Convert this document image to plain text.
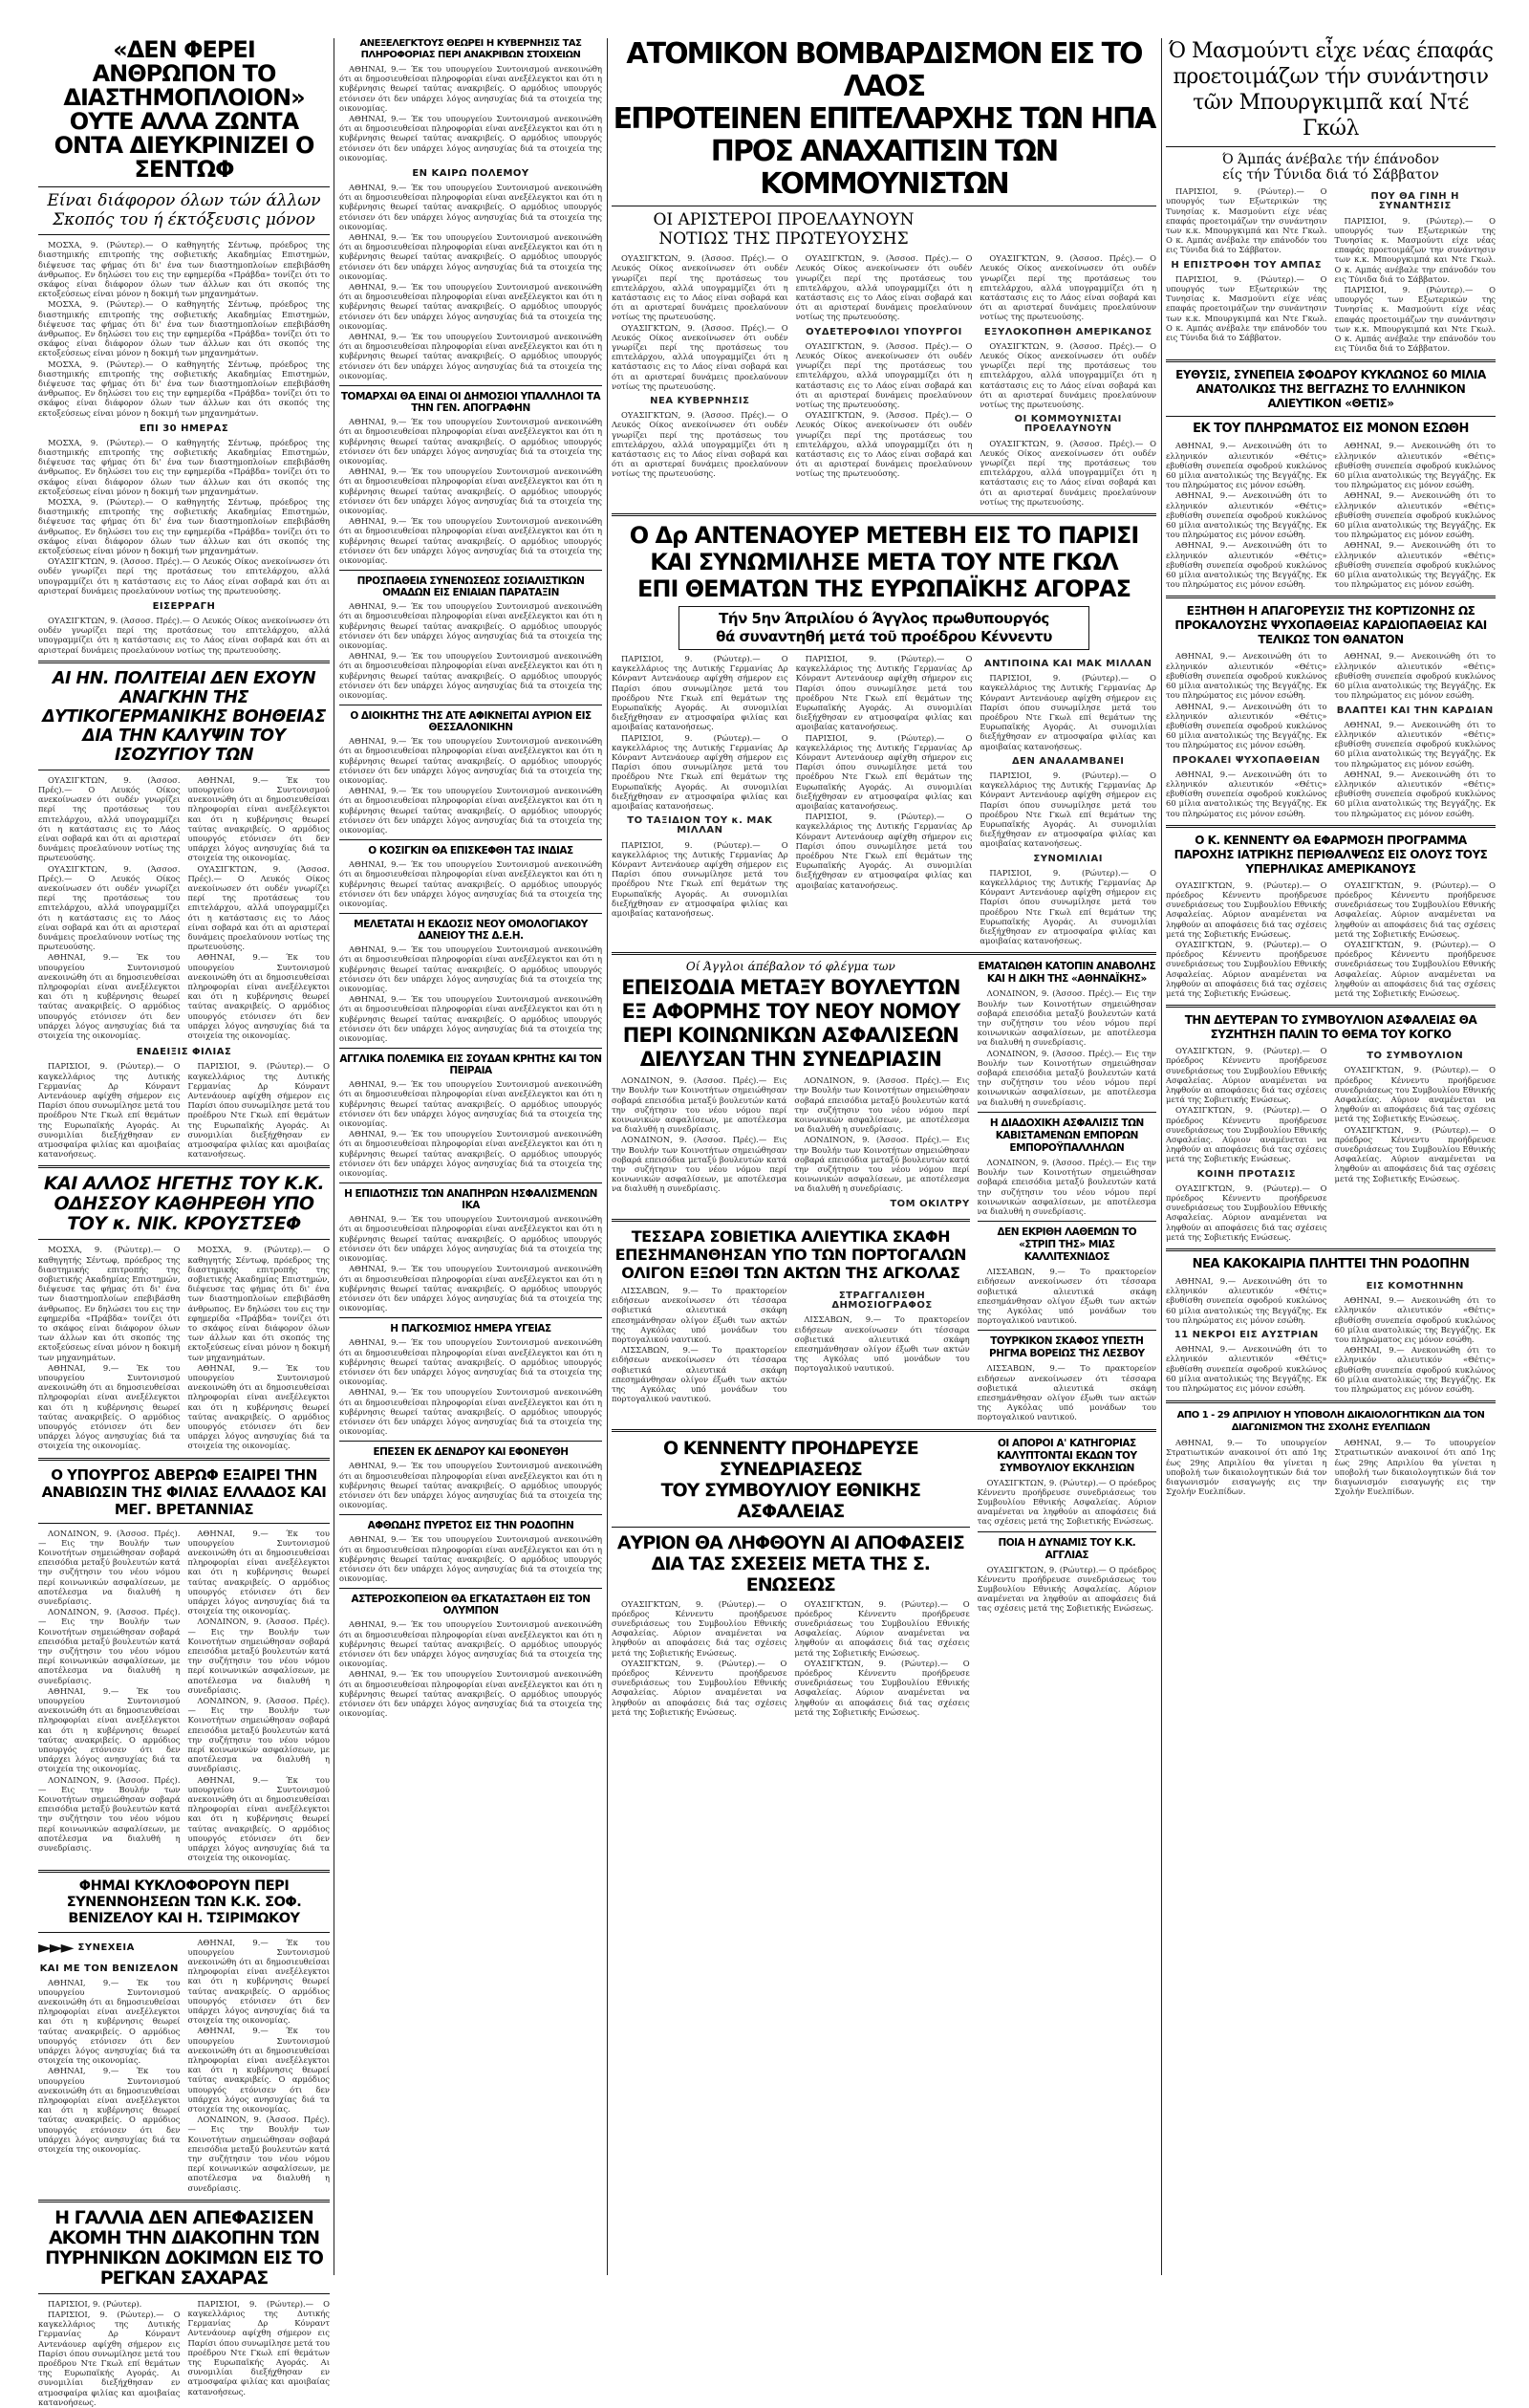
«ΔΕΝ ΦΕΡΕΙ ΑΝΘΡΩΠΟΝ ΤΟ ΔΙΑΣΤΗΜΟΠΛΟΙΟΝ» ΟΥΤΕ ΑΛΛΑ ΖΩΝΤΑ ΟΝΤΑ ΔΙΕΥΚΡΙΝΙΖΕΙ Ο ΣΕΝΤΩΦ
Είναι διάφορον όλων τών άλλων
Σκοπός του ή έκτόξευσις μόνον

ΜΟΣΧΑ, 9. (Ρώυτερ).— Ο καθηγητής Σέντωφ, πρόεδρος της διαστημικής επιτροπής της σοβιετικής Ακαδημίας Επιστημών, διέψευσε τας φήμας ότι δι' ένα των διαστημοπλοίων επεβιβάσθη άνθρωπος. Εν δηλώσει του εις την εφημερίδα «Πράβδα» τονίζει ότι το σκάφος είναι διάφορον όλων των άλλων και ότι σκοπός της εκτοξεύσεως είναι μόνον η δοκιμή των μηχανημάτων.

ΜΟΣΧΑ, 9. (Ρώυτερ).— Ο καθηγητής Σέντωφ, πρόεδρος της διαστημικής επιτροπής της σοβιετικής Ακαδημίας Επιστημών, διέψευσε τας φήμας ότι δι' ένα των διαστημοπλοίων επεβιβάσθη άνθρωπος. Εν δηλώσει του εις την εφημερίδα «Πράβδα» τονίζει ότι το σκάφος είναι διάφορον όλων των άλλων και ότι σκοπός της εκτοξεύσεως είναι μόνον η δοκιμή των μηχανημάτων.

ΜΟΣΧΑ, 9. (Ρώυτερ).— Ο καθηγητής Σέντωφ, πρόεδρος της διαστημικής επιτροπής της σοβιετικής Ακαδημίας Επιστημών, διέψευσε τας φήμας ότι δι' ένα των διαστημοπλοίων επεβιβάσθη άνθρωπος. Εν δηλώσει του εις την εφημερίδα «Πράβδα» τονίζει ότι το σκάφος είναι διάφορον όλων των άλλων και ότι σκοπός της εκτοξεύσεως είναι μόνον η δοκιμή των μηχανημάτων.

ΕΠΙ 30 ΗΜΕΡΑΣ

ΜΟΣΧΑ, 9. (Ρώυτερ).— Ο καθηγητής Σέντωφ, πρόεδρος της διαστημικής επιτροπής της σοβιετικής Ακαδημίας Επιστημών, διέψευσε τας φήμας ότι δι' ένα των διαστημοπλοίων επεβιβάσθη άνθρωπος. Εν δηλώσει του εις την εφημερίδα «Πράβδα» τονίζει ότι το σκάφος είναι διάφορον όλων των άλλων και ότι σκοπός της εκτοξεύσεως είναι μόνον η δοκιμή των μηχανημάτων.

ΜΟΣΧΑ, 9. (Ρώυτερ).— Ο καθηγητής Σέντωφ, πρόεδρος της διαστημικής επιτροπής της σοβιετικής Ακαδημίας Επιστημών, διέψευσε τας φήμας ότι δι' ένα των διαστημοπλοίων επεβιβάσθη άνθρωπος. Εν δηλώσει του εις την εφημερίδα «Πράβδα» τονίζει ότι το σκάφος είναι διάφορον όλων των άλλων και ότι σκοπός της εκτοξεύσεως είναι μόνον η δοκιμή των μηχανημάτων.

ΟΥΑΣΙΓΚΤΩΝ, 9. (Άσσοσ. Πρές).— Ο Λευκός Οίκος ανεκοίνωσεν ότι ουδέν γνωρίζει περί της προτάσεως του επιτελάρχου, αλλά υπογραμμίζει ότι η κατάστασις εις το Λάος είναι σοβαρά και ότι αι αριστεραί δυνάμεις προελαύνουν νοτίως της πρωτευούσης.

ΕΙΣΕΡΡΑΓΗ

ΟΥΑΣΙΓΚΤΩΝ, 9. (Άσσοσ. Πρές).— Ο Λευκός Οίκος ανεκοίνωσεν ότι ουδέν γνωρίζει περί της προτάσεως του επιτελάρχου, αλλά υπογραμμίζει ότι η κατάστασις εις το Λάος είναι σοβαρά και ότι αι αριστεραί δυνάμεις προελαύνουν νοτίως της πρωτευούσης.

ΑΙ ΗΝ. ΠΟΛΙΤΕΙΑΙ ΔΕΝ ΕΧΟΥΝ ΑΝΑΓΚΗΝ ΤΗΣ ΔΥΤΙΚΟΓΕΡΜΑΝΙΚΗΣ ΒΟΗΘΕΙΑΣ ΔΙΑ ΤΗΝ ΚΑΛΥΨΙΝ ΤΟΥ ΙΣΟΖΥΓΙΟΥ ΤΩΝ

ΟΥΑΣΙΓΚΤΩΝ, 9. (Άσσοσ. Πρές).— Ο Λευκός Οίκος ανεκοίνωσεν ότι ουδέν γνωρίζει περί της προτάσεως του επιτελάρχου, αλλά υπογραμμίζει ότι η κατάστασις εις το Λάος είναι σοβαρά και ότι αι αριστεραί δυνάμεις προελαύνουν νοτίως της πρωτευούσης.

ΟΥΑΣΙΓΚΤΩΝ, 9. (Άσσοσ. Πρές).— Ο Λευκός Οίκος ανεκοίνωσεν ότι ουδέν γνωρίζει περί της προτάσεως του επιτελάρχου, αλλά υπογραμμίζει ότι η κατάστασις εις το Λάος είναι σοβαρά και ότι αι αριστεραί δυνάμεις προελαύνουν νοτίως της πρωτευούσης.

ΑΘΗΝΑΙ, 9.— Έκ του υπουργείου Συντονισμού ανεκοινώθη ότι αι δημοσιευθείσαι πληροφορίαι είναι ανεξέλεγκτοι και ότι η κυβέρνησις θεωρεί ταύτας ανακριβείς. Ο αρμόδιος υπουργός ετόνισεν ότι δεν υπάρχει λόγος ανησυχίας διά τα στοιχεία της οικονομίας.

ΑΘΗΝΑΙ, 9.— Έκ του υπουργείου Συντονισμού ανεκοινώθη ότι αι δημοσιευθείσαι πληροφορίαι είναι ανεξέλεγκτοι και ότι η κυβέρνησις θεωρεί ταύτας ανακριβείς. Ο αρμόδιος υπουργός ετόνισεν ότι δεν υπάρχει λόγος ανησυχίας διά τα στοιχεία της οικονομίας.

ΟΥΑΣΙΓΚΤΩΝ, 9. (Άσσοσ. Πρές).— Ο Λευκός Οίκος ανεκοίνωσεν ότι ουδέν γνωρίζει περί της προτάσεως του επιτελάρχου, αλλά υπογραμμίζει ότι η κατάστασις εις το Λάος είναι σοβαρά και ότι αι αριστεραί δυνάμεις προελαύνουν νοτίως της πρωτευούσης.

ΑΘΗΝΑΙ, 9.— Έκ του υπουργείου Συντονισμού ανεκοινώθη ότι αι δημοσιευθείσαι πληροφορίαι είναι ανεξέλεγκτοι και ότι η κυβέρνησις θεωρεί ταύτας ανακριβείς. Ο αρμόδιος υπουργός ετόνισεν ότι δεν υπάρχει λόγος ανησυχίας διά τα στοιχεία της οικονομίας.

ΕΝΔΕΙΞΙΣ ΦΙΛΙΑΣ

ΠΑΡΙΣΙΟΙ, 9. (Ρώυτερ).— Ο καγκελλάριος της Δυτικής Γερμανίας Δρ Κόνραντ Αντενάουερ αφίχθη σήμερον εις Παρίσι όπου συνωμίλησε μετά του προέδρου Ντε Γκωλ επί θεμάτων της Ευρωπαϊκής Αγοράς. Αι συνομιλίαι διεξήχθησαν εν ατμοσφαίρα φιλίας και αμοιβαίας κατανοήσεως.

ΠΑΡΙΣΙΟΙ, 9. (Ρώυτερ).— Ο καγκελλάριος της Δυτικής Γερμανίας Δρ Κόνραντ Αντενάουερ αφίχθη σήμερον εις Παρίσι όπου συνωμίλησε μετά του προέδρου Ντε Γκωλ επί θεμάτων της Ευρωπαϊκής Αγοράς. Αι συνομιλίαι διεξήχθησαν εν ατμοσφαίρα φιλίας και αμοιβαίας κατανοήσεως.

ΚΑΙ ΑΛΛΟΣ ΗΓΕΤΗΣ ΤΟΥ Κ.Κ. ΟΔΗΣΣΟΥ ΚΑΘΗΡΕΘΗ ΥΠΟ ΤΟΥ κ. ΝΙΚ. ΚΡΟΥΣΤΣΕΦ

ΜΟΣΧΑ, 9. (Ρώυτερ).— Ο καθηγητής Σέντωφ, πρόεδρος της διαστημικής επιτροπής της σοβιετικής Ακαδημίας Επιστημών, διέψευσε τας φήμας ότι δι' ένα των διαστημοπλοίων επεβιβάσθη άνθρωπος. Εν δηλώσει του εις την εφημερίδα «Πράβδα» τονίζει ότι το σκάφος είναι διάφορον όλων των άλλων και ότι σκοπός της εκτοξεύσεως είναι μόνον η δοκιμή των μηχανημάτων.

ΑΘΗΝΑΙ, 9.— Έκ του υπουργείου Συντονισμού ανεκοινώθη ότι αι δημοσιευθείσαι πληροφορίαι είναι ανεξέλεγκτοι και ότι η κυβέρνησις θεωρεί ταύτας ανακριβείς. Ο αρμόδιος υπουργός ετόνισεν ότι δεν υπάρχει λόγος ανησυχίας διά τα στοιχεία της οικονομίας.

ΜΟΣΧΑ, 9. (Ρώυτερ).— Ο καθηγητής Σέντωφ, πρόεδρος της διαστημικής επιτροπής της σοβιετικής Ακαδημίας Επιστημών, διέψευσε τας φήμας ότι δι' ένα των διαστημοπλοίων επεβιβάσθη άνθρωπος. Εν δηλώσει του εις την εφημερίδα «Πράβδα» τονίζει ότι το σκάφος είναι διάφορον όλων των άλλων και ότι σκοπός της εκτοξεύσεως είναι μόνον η δοκιμή των μηχανημάτων.

ΑΘΗΝΑΙ, 9.— Έκ του υπουργείου Συντονισμού ανεκοινώθη ότι αι δημοσιευθείσαι πληροφορίαι είναι ανεξέλεγκτοι και ότι η κυβέρνησις θεωρεί ταύτας ανακριβείς. Ο αρμόδιος υπουργός ετόνισεν ότι δεν υπάρχει λόγος ανησυχίας διά τα στοιχεία της οικονομίας.

Ο ΥΠΟΥΡΓΟΣ ΑΒΕΡΩΦ ΕΞΑΙΡΕΙ ΤΗΝ ΑΝΑΒΙΩΣΙΝ ΤΗΣ ΦΙΛΙΑΣ ΕΛΛΑΔΟΣ ΚΑΙ ΜΕΓ. ΒΡΕΤΑΝΝΙΑΣ

ΛΟΝΔΙΝΟΝ, 9. (Άσσοσ. Πρές).— Εις την Βουλήν των Κοινοτήτων σημειώθησαν σοβαρά επεισόδια μεταξύ βουλευτών κατά την συζήτησιν του νέου νόμου περί κοινωνικών ασφαλίσεων, με αποτέλεσμα να διαλυθή η συνεδρίασις.

ΛΟΝΔΙΝΟΝ, 9. (Άσσοσ. Πρές).— Εις την Βουλήν των Κοινοτήτων σημειώθησαν σοβαρά επεισόδια μεταξύ βουλευτών κατά την συζήτησιν του νέου νόμου περί κοινωνικών ασφαλίσεων, με αποτέλεσμα να διαλυθή η συνεδρίασις.

ΑΘΗΝΑΙ, 9.— Έκ του υπουργείου Συντονισμού ανεκοινώθη ότι αι δημοσιευθείσαι πληροφορίαι είναι ανεξέλεγκτοι και ότι η κυβέρνησις θεωρεί ταύτας ανακριβείς. Ο αρμόδιος υπουργός ετόνισεν ότι δεν υπάρχει λόγος ανησυχίας διά τα στοιχεία της οικονομίας.

ΛΟΝΔΙΝΟΝ, 9. (Άσσοσ. Πρές).— Εις την Βουλήν των Κοινοτήτων σημειώθησαν σοβαρά επεισόδια μεταξύ βουλευτών κατά την συζήτησιν του νέου νόμου περί κοινωνικών ασφαλίσεων, με αποτέλεσμα να διαλυθή η συνεδρίασις.

ΑΘΗΝΑΙ, 9.— Έκ του υπουργείου Συντονισμού ανεκοινώθη ότι αι δημοσιευθείσαι πληροφορίαι είναι ανεξέλεγκτοι και ότι η κυβέρνησις θεωρεί ταύτας ανακριβείς. Ο αρμόδιος υπουργός ετόνισεν ότι δεν υπάρχει λόγος ανησυχίας διά τα στοιχεία της οικονομίας.

ΛΟΝΔΙΝΟΝ, 9. (Άσσοσ. Πρές).— Εις την Βουλήν των Κοινοτήτων σημειώθησαν σοβαρά επεισόδια μεταξύ βουλευτών κατά την συζήτησιν του νέου νόμου περί κοινωνικών ασφαλίσεων, με αποτέλεσμα να διαλυθή η συνεδρίασις.

ΛΟΝΔΙΝΟΝ, 9. (Άσσοσ. Πρές).— Εις την Βουλήν των Κοινοτήτων σημειώθησαν σοβαρά επεισόδια μεταξύ βουλευτών κατά την συζήτησιν του νέου νόμου περί κοινωνικών ασφαλίσεων, με αποτέλεσμα να διαλυθή η συνεδρίασις.

ΑΘΗΝΑΙ, 9.— Έκ του υπουργείου Συντονισμού ανεκοινώθη ότι αι δημοσιευθείσαι πληροφορίαι είναι ανεξέλεγκτοι και ότι η κυβέρνησις θεωρεί ταύτας ανακριβείς. Ο αρμόδιος υπουργός ετόνισεν ότι δεν υπάρχει λόγος ανησυχίας διά τα στοιχεία της οικονομίας.

ΦΗΜΑΙ ΚΥΚΛΟΦΟΡΟΥΝ ΠΕΡΙ ΣΥΝΕΝΝΟΗΣΕΩΝ ΤΩΝ Κ.Κ. ΣΟΦ. ΒΕΝΙΖΕΛΟΥ ΚΑΙ Η. ΤΣΙΡΙΜΩΚΟΥ
►►► ΣΥΝΕΧΕΙΑ
ΚΑΙ ΜΕ ΤΟΝ ΒΕΝΙΖΕΛΟΝ

ΑΘΗΝΑΙ, 9.— Έκ του υπουργείου Συντονισμού ανεκοινώθη ότι αι δημοσιευθείσαι πληροφορίαι είναι ανεξέλεγκτοι και ότι η κυβέρνησις θεωρεί ταύτας ανακριβείς. Ο αρμόδιος υπουργός ετόνισεν ότι δεν υπάρχει λόγος ανησυχίας διά τα στοιχεία της οικονομίας.

ΑΘΗΝΑΙ, 9.— Έκ του υπουργείου Συντονισμού ανεκοινώθη ότι αι δημοσιευθείσαι πληροφορίαι είναι ανεξέλεγκτοι και ότι η κυβέρνησις θεωρεί ταύτας ανακριβείς. Ο αρμόδιος υπουργός ετόνισεν ότι δεν υπάρχει λόγος ανησυχίας διά τα στοιχεία της οικονομίας.

ΑΘΗΝΑΙ, 9.— Έκ του υπουργείου Συντονισμού ανεκοινώθη ότι αι δημοσιευθείσαι πληροφορίαι είναι ανεξέλεγκτοι και ότι η κυβέρνησις θεωρεί ταύτας ανακριβείς. Ο αρμόδιος υπουργός ετόνισεν ότι δεν υπάρχει λόγος ανησυχίας διά τα στοιχεία της οικονομίας.

ΑΘΗΝΑΙ, 9.— Έκ του υπουργείου Συντονισμού ανεκοινώθη ότι αι δημοσιευθείσαι πληροφορίαι είναι ανεξέλεγκτοι και ότι η κυβέρνησις θεωρεί ταύτας ανακριβείς. Ο αρμόδιος υπουργός ετόνισεν ότι δεν υπάρχει λόγος ανησυχίας διά τα στοιχεία της οικονομίας.

ΛΟΝΔΙΝΟΝ, 9. (Άσσοσ. Πρές).— Εις την Βουλήν των Κοινοτήτων σημειώθησαν σοβαρά επεισόδια μεταξύ βουλευτών κατά την συζήτησιν του νέου νόμου περί κοινωνικών ασφαλίσεων, με αποτέλεσμα να διαλυθή η συνεδρίασις.

Η ΓΑΛΛΙΑ ΔΕΝ ΑΠΕΦΑΣΙΣΕΝ ΑΚΟΜΗ ΤΗΝ ΔΙΑΚΟΠΗΝ ΤΩΝ ΠΥΡΗΝΙΚΩΝ ΔΟΚΙΜΩΝ ΕΙΣ ΤΟ ΡΕΓΚΑΝ ΣΑΧΑΡΑΣ

ΠΑΡΙΣΙΟΙ, 9. (Ρώυτερ).

ΠΑΡΙΣΙΟΙ, 9. (Ρώυτερ).— Ο καγκελλάριος της Δυτικής Γερμανίας Δρ Κόνραντ Αντενάουερ αφίχθη σήμερον εις Παρίσι όπου συνωμίλησε μετά του προέδρου Ντε Γκωλ επί θεμάτων της Ευρωπαϊκής Αγοράς. Αι συνομιλίαι διεξήχθησαν εν ατμοσφαίρα φιλίας και αμοιβαίας κατανοήσεως.

ΠΑΡΙΣΙΟΙ, 9. (Ρώυτερ).— Ο καγκελλάριος της Δυτικής Γερμανίας Δρ Κόνραντ Αντενάουερ αφίχθη σήμερον εις Παρίσι όπου συνωμίλησε μετά του προέδρου Ντε Γκωλ επί θεμάτων της Ευρωπαϊκής Αγοράς. Αι συνομιλίαι διεξήχθησαν εν ατμοσφαίρα φιλίας και αμοιβαίας κατανοήσεως.

ΑΝΕΞΕΛΕΓΚΤΟΥΣ ΘΕΩΡΕΙ Η ΚΥΒΕΡΝΗΣΙΣ ΤΑΣ ΠΛΗΡΟΦΟΡΙΑΣ ΠΕΡΙ ΑΝΑΚΡΙΒΩΝ ΣΤΟΙΧΕΙΩΝ

ΑΘΗΝΑΙ, 9.— Έκ του υπουργείου Συντονισμού ανεκοινώθη ότι αι δημοσιευθείσαι πληροφορίαι είναι ανεξέλεγκτοι και ότι η κυβέρνησις θεωρεί ταύτας ανακριβείς. Ο αρμόδιος υπουργός ετόνισεν ότι δεν υπάρχει λόγος ανησυχίας διά τα στοιχεία της οικονομίας.

ΑΘΗΝΑΙ, 9.— Έκ του υπουργείου Συντονισμού ανεκοινώθη ότι αι δημοσιευθείσαι πληροφορίαι είναι ανεξέλεγκτοι και ότι η κυβέρνησις θεωρεί ταύτας ανακριβείς. Ο αρμόδιος υπουργός ετόνισεν ότι δεν υπάρχει λόγος ανησυχίας διά τα στοιχεία της οικονομίας.

ΕΝ ΚΑΙΡΩ ΠΟΛΕΜΟΥ

ΑΘΗΝΑΙ, 9.— Έκ του υπουργείου Συντονισμού ανεκοινώθη ότι αι δημοσιευθείσαι πληροφορίαι είναι ανεξέλεγκτοι και ότι η κυβέρνησις θεωρεί ταύτας ανακριβείς. Ο αρμόδιος υπουργός ετόνισεν ότι δεν υπάρχει λόγος ανησυχίας διά τα στοιχεία της οικονομίας.

ΑΘΗΝΑΙ, 9.— Έκ του υπουργείου Συντονισμού ανεκοινώθη ότι αι δημοσιευθείσαι πληροφορίαι είναι ανεξέλεγκτοι και ότι η κυβέρνησις θεωρεί ταύτας ανακριβείς. Ο αρμόδιος υπουργός ετόνισεν ότι δεν υπάρχει λόγος ανησυχίας διά τα στοιχεία της οικονομίας.

ΑΘΗΝΑΙ, 9.— Έκ του υπουργείου Συντονισμού ανεκοινώθη ότι αι δημοσιευθείσαι πληροφορίαι είναι ανεξέλεγκτοι και ότι η κυβέρνησις θεωρεί ταύτας ανακριβείς. Ο αρμόδιος υπουργός ετόνισεν ότι δεν υπάρχει λόγος ανησυχίας διά τα στοιχεία της οικονομίας.

ΑΘΗΝΑΙ, 9.— Έκ του υπουργείου Συντονισμού ανεκοινώθη ότι αι δημοσιευθείσαι πληροφορίαι είναι ανεξέλεγκτοι και ότι η κυβέρνησις θεωρεί ταύτας ανακριβείς. Ο αρμόδιος υπουργός ετόνισεν ότι δεν υπάρχει λόγος ανησυχίας διά τα στοιχεία της οικονομίας.

ΤΟΜΑΡΧΑΙ ΘΑ ΕΙΝΑΙ ΟΙ ΔΗΜΟΣΙΟΙ ΥΠΑΛΛΗΛΟΙ ΤΑ ΤΗΝ ΓΕΝ. ΑΠΟΓΡΑΦΗΝ

ΑΘΗΝΑΙ, 9.— Έκ του υπουργείου Συντονισμού ανεκοινώθη ότι αι δημοσιευθείσαι πληροφορίαι είναι ανεξέλεγκτοι και ότι η κυβέρνησις θεωρεί ταύτας ανακριβείς. Ο αρμόδιος υπουργός ετόνισεν ότι δεν υπάρχει λόγος ανησυχίας διά τα στοιχεία της οικονομίας.

ΑΘΗΝΑΙ, 9.— Έκ του υπουργείου Συντονισμού ανεκοινώθη ότι αι δημοσιευθείσαι πληροφορίαι είναι ανεξέλεγκτοι και ότι η κυβέρνησις θεωρεί ταύτας ανακριβείς. Ο αρμόδιος υπουργός ετόνισεν ότι δεν υπάρχει λόγος ανησυχίας διά τα στοιχεία της οικονομίας.

ΑΘΗΝΑΙ, 9.— Έκ του υπουργείου Συντονισμού ανεκοινώθη ότι αι δημοσιευθείσαι πληροφορίαι είναι ανεξέλεγκτοι και ότι η κυβέρνησις θεωρεί ταύτας ανακριβείς. Ο αρμόδιος υπουργός ετόνισεν ότι δεν υπάρχει λόγος ανησυχίας διά τα στοιχεία της οικονομίας.

ΠΡΟΣΠΑΘΕΙΑ ΣΥΝΕΝΩΣΕΩΣ ΣΟΣΙΑΛΙΣΤΙΚΩΝ ΟΜΑΔΩΝ ΕΙΣ ΕΝΙΑΙΑΝ ΠΑΡΑΤΑΞΙΝ

ΑΘΗΝΑΙ, 9.— Έκ του υπουργείου Συντονισμού ανεκοινώθη ότι αι δημοσιευθείσαι πληροφορίαι είναι ανεξέλεγκτοι και ότι η κυβέρνησις θεωρεί ταύτας ανακριβείς. Ο αρμόδιος υπουργός ετόνισεν ότι δεν υπάρχει λόγος ανησυχίας διά τα στοιχεία της οικονομίας.

ΑΘΗΝΑΙ, 9.— Έκ του υπουργείου Συντονισμού ανεκοινώθη ότι αι δημοσιευθείσαι πληροφορίαι είναι ανεξέλεγκτοι και ότι η κυβέρνησις θεωρεί ταύτας ανακριβείς. Ο αρμόδιος υπουργός ετόνισεν ότι δεν υπάρχει λόγος ανησυχίας διά τα στοιχεία της οικονομίας.

Ο ΔΙΟΙΚΗΤΗΣ ΤΗΣ ΑΤΕ ΑΦΙΚΝΕΙΤΑΙ ΑΥΡΙΟΝ ΕΙΣ ΘΕΣΣΑΛΟΝΙΚΗΝ

ΑΘΗΝΑΙ, 9.— Έκ του υπουργείου Συντονισμού ανεκοινώθη ότι αι δημοσιευθείσαι πληροφορίαι είναι ανεξέλεγκτοι και ότι η κυβέρνησις θεωρεί ταύτας ανακριβείς. Ο αρμόδιος υπουργός ετόνισεν ότι δεν υπάρχει λόγος ανησυχίας διά τα στοιχεία της οικονομίας.

ΑΘΗΝΑΙ, 9.— Έκ του υπουργείου Συντονισμού ανεκοινώθη ότι αι δημοσιευθείσαι πληροφορίαι είναι ανεξέλεγκτοι και ότι η κυβέρνησις θεωρεί ταύτας ανακριβείς. Ο αρμόδιος υπουργός ετόνισεν ότι δεν υπάρχει λόγος ανησυχίας διά τα στοιχεία της οικονομίας.

Ο ΚΟΣΙΓΚΙΝ ΘΑ ΕΠΙΣΚΕΦΘΗ ΤΑΣ ΙΝΔΙΑΣ

ΑΘΗΝΑΙ, 9.— Έκ του υπουργείου Συντονισμού ανεκοινώθη ότι αι δημοσιευθείσαι πληροφορίαι είναι ανεξέλεγκτοι και ότι η κυβέρνησις θεωρεί ταύτας ανακριβείς. Ο αρμόδιος υπουργός ετόνισεν ότι δεν υπάρχει λόγος ανησυχίας διά τα στοιχεία της οικονομίας.

ΜΕΛΕΤΑΤΑΙ Η ΕΚΔΟΣΙΣ ΝΕΟΥ ΟΜΟΛΟΓΙΑΚΟΥ ΔΑΝΕΙΟΥ ΤΗΣ Δ.Ε.Η.

ΑΘΗΝΑΙ, 9.— Έκ του υπουργείου Συντονισμού ανεκοινώθη ότι αι δημοσιευθείσαι πληροφορίαι είναι ανεξέλεγκτοι και ότι η κυβέρνησις θεωρεί ταύτας ανακριβείς. Ο αρμόδιος υπουργός ετόνισεν ότι δεν υπάρχει λόγος ανησυχίας διά τα στοιχεία της οικονομίας.

ΑΘΗΝΑΙ, 9.— Έκ του υπουργείου Συντονισμού ανεκοινώθη ότι αι δημοσιευθείσαι πληροφορίαι είναι ανεξέλεγκτοι και ότι η κυβέρνησις θεωρεί ταύτας ανακριβείς. Ο αρμόδιος υπουργός ετόνισεν ότι δεν υπάρχει λόγος ανησυχίας διά τα στοιχεία της οικονομίας.

ΑΓΓΛΙΚΑ ΠΟΛΕΜΙΚΑ ΕΙΣ ΣΟΥΔΑΝ ΚΡΗΤΗΣ ΚΑΙ ΤΟΝ ΠΕΙΡΑΙΑ

ΑΘΗΝΑΙ, 9.— Έκ του υπουργείου Συντονισμού ανεκοινώθη ότι αι δημοσιευθείσαι πληροφορίαι είναι ανεξέλεγκτοι και ότι η κυβέρνησις θεωρεί ταύτας ανακριβείς. Ο αρμόδιος υπουργός ετόνισεν ότι δεν υπάρχει λόγος ανησυχίας διά τα στοιχεία της οικονομίας.

ΑΘΗΝΑΙ, 9.— Έκ του υπουργείου Συντονισμού ανεκοινώθη ότι αι δημοσιευθείσαι πληροφορίαι είναι ανεξέλεγκτοι και ότι η κυβέρνησις θεωρεί ταύτας ανακριβείς. Ο αρμόδιος υπουργός ετόνισεν ότι δεν υπάρχει λόγος ανησυχίας διά τα στοιχεία της οικονομίας.

Η ΕΠΙΔΟΤΗΣΙΣ ΤΩΝ ΑΝΑΠΗΡΩΝ ΗΣΦΑΛΙΣΜΕΝΩΝ ΙΚΑ

ΑΘΗΝΑΙ, 9.— Έκ του υπουργείου Συντονισμού ανεκοινώθη ότι αι δημοσιευθείσαι πληροφορίαι είναι ανεξέλεγκτοι και ότι η κυβέρνησις θεωρεί ταύτας ανακριβείς. Ο αρμόδιος υπουργός ετόνισεν ότι δεν υπάρχει λόγος ανησυχίας διά τα στοιχεία της οικονομίας.

ΑΘΗΝΑΙ, 9.— Έκ του υπουργείου Συντονισμού ανεκοινώθη ότι αι δημοσιευθείσαι πληροφορίαι είναι ανεξέλεγκτοι και ότι η κυβέρνησις θεωρεί ταύτας ανακριβείς. Ο αρμόδιος υπουργός ετόνισεν ότι δεν υπάρχει λόγος ανησυχίας διά τα στοιχεία της οικονομίας.

Η ΠΑΓΚΟΣΜΙΟΣ ΗΜΕΡΑ ΥΓΕΙΑΣ

ΑΘΗΝΑΙ, 9.— Έκ του υπουργείου Συντονισμού ανεκοινώθη ότι αι δημοσιευθείσαι πληροφορίαι είναι ανεξέλεγκτοι και ότι η κυβέρνησις θεωρεί ταύτας ανακριβείς. Ο αρμόδιος υπουργός ετόνισεν ότι δεν υπάρχει λόγος ανησυχίας διά τα στοιχεία της οικονομίας.

ΑΘΗΝΑΙ, 9.— Έκ του υπουργείου Συντονισμού ανεκοινώθη ότι αι δημοσιευθείσαι πληροφορίαι είναι ανεξέλεγκτοι και ότι η κυβέρνησις θεωρεί ταύτας ανακριβείς. Ο αρμόδιος υπουργός ετόνισεν ότι δεν υπάρχει λόγος ανησυχίας διά τα στοιχεία της οικονομίας.

ΕΠΕΣΕΝ ΕΚ ΔΕΝΔΡΟΥ ΚΑΙ ΕΦΟΝΕΥΘΗ

ΑΘΗΝΑΙ, 9.— Έκ του υπουργείου Συντονισμού ανεκοινώθη ότι αι δημοσιευθείσαι πληροφορίαι είναι ανεξέλεγκτοι και ότι η κυβέρνησις θεωρεί ταύτας ανακριβείς. Ο αρμόδιος υπουργός ετόνισεν ότι δεν υπάρχει λόγος ανησυχίας διά τα στοιχεία της οικονομίας.

ΑΦΘΩΔΗΣ ΠΥΡΕΤΟΣ ΕΙΣ ΤΗΝ ΡΟΔΟΠΗΝ

ΑΘΗΝΑΙ, 9.— Έκ του υπουργείου Συντονισμού ανεκοινώθη ότι αι δημοσιευθείσαι πληροφορίαι είναι ανεξέλεγκτοι και ότι η κυβέρνησις θεωρεί ταύτας ανακριβείς. Ο αρμόδιος υπουργός ετόνισεν ότι δεν υπάρχει λόγος ανησυχίας διά τα στοιχεία της οικονομίας.

ΑΣΤΕΡΟΣΚΟΠΕΙΟΝ ΘΑ ΕΓΚΑΤΑΣΤΑΘΗ ΕΙΣ ΤΟΝ ΟΛΥΜΠΟΝ

ΑΘΗΝΑΙ, 9.— Έκ του υπουργείου Συντονισμού ανεκοινώθη ότι αι δημοσιευθείσαι πληροφορίαι είναι ανεξέλεγκτοι και ότι η κυβέρνησις θεωρεί ταύτας ανακριβείς. Ο αρμόδιος υπουργός ετόνισεν ότι δεν υπάρχει λόγος ανησυχίας διά τα στοιχεία της οικονομίας.

ΑΘΗΝΑΙ, 9.— Έκ του υπουργείου Συντονισμού ανεκοινώθη ότι αι δημοσιευθείσαι πληροφορίαι είναι ανεξέλεγκτοι και ότι η κυβέρνησις θεωρεί ταύτας ανακριβείς. Ο αρμόδιος υπουργός ετόνισεν ότι δεν υπάρχει λόγος ανησυχίας διά τα στοιχεία της οικονομίας.

ΑΤΟΜΙΚΟΝ ΒΟΜΒΑΡΔΙΣΜΟΝ ΕΙΣ ΤΟ ΛΑΟΣ
ΕΠΡΟΤΕΙΝΕΝ ΕΠΙΤΕΛΑΡΧΗΣ ΤΩΝ ΗΠΑ
ΠΡΟΣ ΑΝΑΧΑΙΤΙΣΙΝ ΤΩΝ ΚΟΜΜΟΥΝΙΣΤΩΝ
ΟΙ ΑΡΙΣΤΕΡΟΙ ΠΡΟΕΛΑΥΝΟΥΝ
ΝΟΤΙΩΣ ΤΗΣ ΠΡΩΤΕΥΟΥΣΗΣ

ΟΥΑΣΙΓΚΤΩΝ, 9. (Άσσοσ. Πρές).— Ο Λευκός Οίκος ανεκοίνωσεν ότι ουδέν γνωρίζει περί της προτάσεως του επιτελάρχου, αλλά υπογραμμίζει ότι η κατάστασις εις το Λάος είναι σοβαρά και ότι αι αριστεραί δυνάμεις προελαύνουν νοτίως της πρωτευούσης.

ΟΥΑΣΙΓΚΤΩΝ, 9. (Άσσοσ. Πρές).— Ο Λευκός Οίκος ανεκοίνωσεν ότι ουδέν γνωρίζει περί της προτάσεως του επιτελάρχου, αλλά υπογραμμίζει ότι η κατάστασις εις το Λάος είναι σοβαρά και ότι αι αριστεραί δυνάμεις προελαύνουν νοτίως της πρωτευούσης.

ΝΕΑ ΚΥΒΕΡΝΗΣΙΣ

ΟΥΑΣΙΓΚΤΩΝ, 9. (Άσσοσ. Πρές).— Ο Λευκός Οίκος ανεκοίνωσεν ότι ουδέν γνωρίζει περί της προτάσεως του επιτελάρχου, αλλά υπογραμμίζει ότι η κατάστασις εις το Λάος είναι σοβαρά και ότι αι αριστεραί δυνάμεις προελαύνουν νοτίως της πρωτευούσης.

ΟΥΑΣΙΓΚΤΩΝ, 9. (Άσσοσ. Πρές).— Ο Λευκός Οίκος ανεκοίνωσεν ότι ουδέν γνωρίζει περί της προτάσεως του επιτελάρχου, αλλά υπογραμμίζει ότι η κατάστασις εις το Λάος είναι σοβαρά και ότι αι αριστεραί δυνάμεις προελαύνουν νοτίως της πρωτευούσης.

ΟΥΔΕΤΕΡΟΦΙΛΟΙ ΥΠΟΥΡΓΟΙ

ΟΥΑΣΙΓΚΤΩΝ, 9. (Άσσοσ. Πρές).— Ο Λευκός Οίκος ανεκοίνωσεν ότι ουδέν γνωρίζει περί της προτάσεως του επιτελάρχου, αλλά υπογραμμίζει ότι η κατάστασις εις το Λάος είναι σοβαρά και ότι αι αριστεραί δυνάμεις προελαύνουν νοτίως της πρωτευούσης.

ΟΥΑΣΙΓΚΤΩΝ, 9. (Άσσοσ. Πρές).— Ο Λευκός Οίκος ανεκοίνωσεν ότι ουδέν γνωρίζει περί της προτάσεως του επιτελάρχου, αλλά υπογραμμίζει ότι η κατάστασις εις το Λάος είναι σοβαρά και ότι αι αριστεραί δυνάμεις προελαύνουν νοτίως της πρωτευούσης.

ΟΥΑΣΙΓΚΤΩΝ, 9. (Άσσοσ. Πρές).— Ο Λευκός Οίκος ανεκοίνωσεν ότι ουδέν γνωρίζει περί της προτάσεως του επιτελάρχου, αλλά υπογραμμίζει ότι η κατάστασις εις το Λάος είναι σοβαρά και ότι αι αριστεραί δυνάμεις προελαύνουν νοτίως της πρωτευούσης.

ΕΞΥΛΟΚΟΠΗΘΗ ΑΜΕΡΙΚΑΝΟΣ

ΟΥΑΣΙΓΚΤΩΝ, 9. (Άσσοσ. Πρές).— Ο Λευκός Οίκος ανεκοίνωσεν ότι ουδέν γνωρίζει περί της προτάσεως του επιτελάρχου, αλλά υπογραμμίζει ότι η κατάστασις εις το Λάος είναι σοβαρά και ότι αι αριστεραί δυνάμεις προελαύνουν νοτίως της πρωτευούσης.

ΟΙ ΚΟΜΜΟΥΝΙΣΤΑΙ ΠΡΟΕΛΑΥΝΟΥΝ

ΟΥΑΣΙΓΚΤΩΝ, 9. (Άσσοσ. Πρές).— Ο Λευκός Οίκος ανεκοίνωσεν ότι ουδέν γνωρίζει περί της προτάσεως του επιτελάρχου, αλλά υπογραμμίζει ότι η κατάστασις εις το Λάος είναι σοβαρά και ότι αι αριστεραί δυνάμεις προελαύνουν νοτίως της πρωτευούσης.

Ο Δρ ΑΝΤΕΝΑΟΥΕΡ ΜΕΤΕΒΗ ΕΙΣ ΤΟ ΠΑΡΙΣΙ
ΚΑΙ ΣΥΝΩΜΙΛΗΣΕ ΜΕΤΑ ΤΟΥ ΝΤΕ ΓΚΩΛ
ΕΠΙ ΘΕΜΑΤΩΝ ΤΗΣ ΕΥΡΩΠΑΪΚΗΣ ΑΓΟΡΑΣ
Τήν 5ην Άπριλίου ό Άγγλος πρωθυπουργός
θά συναντηθή μετά τοῦ προέδρου Κέννεντυ

ΠΑΡΙΣΙΟΙ, 9. (Ρώυτερ).— Ο καγκελλάριος της Δυτικής Γερμανίας Δρ Κόνραντ Αντενάουερ αφίχθη σήμερον εις Παρίσι όπου συνωμίλησε μετά του προέδρου Ντε Γκωλ επί θεμάτων της Ευρωπαϊκής Αγοράς. Αι συνομιλίαι διεξήχθησαν εν ατμοσφαίρα φιλίας και αμοιβαίας κατανοήσεως.

ΠΑΡΙΣΙΟΙ, 9. (Ρώυτερ).— Ο καγκελλάριος της Δυτικής Γερμανίας Δρ Κόνραντ Αντενάουερ αφίχθη σήμερον εις Παρίσι όπου συνωμίλησε μετά του προέδρου Ντε Γκωλ επί θεμάτων της Ευρωπαϊκής Αγοράς. Αι συνομιλίαι διεξήχθησαν εν ατμοσφαίρα φιλίας και αμοιβαίας κατανοήσεως.

ΤΟ ΤΑΞΙΔΙΟΝ ΤΟΥ κ. ΜΑΚ ΜΙΛΛΑΝ

ΠΑΡΙΣΙΟΙ, 9. (Ρώυτερ).— Ο καγκελλάριος της Δυτικής Γερμανίας Δρ Κόνραντ Αντενάουερ αφίχθη σήμερον εις Παρίσι όπου συνωμίλησε μετά του προέδρου Ντε Γκωλ επί θεμάτων της Ευρωπαϊκής Αγοράς. Αι συνομιλίαι διεξήχθησαν εν ατμοσφαίρα φιλίας και αμοιβαίας κατανοήσεως.

ΠΑΡΙΣΙΟΙ, 9. (Ρώυτερ).— Ο καγκελλάριος της Δυτικής Γερμανίας Δρ Κόνραντ Αντενάουερ αφίχθη σήμερον εις Παρίσι όπου συνωμίλησε μετά του προέδρου Ντε Γκωλ επί θεμάτων της Ευρωπαϊκής Αγοράς. Αι συνομιλίαι διεξήχθησαν εν ατμοσφαίρα φιλίας και αμοιβαίας κατανοήσεως.

ΠΑΡΙΣΙΟΙ, 9. (Ρώυτερ).— Ο καγκελλάριος της Δυτικής Γερμανίας Δρ Κόνραντ Αντενάουερ αφίχθη σήμερον εις Παρίσι όπου συνωμίλησε μετά του προέδρου Ντε Γκωλ επί θεμάτων της Ευρωπαϊκής Αγοράς. Αι συνομιλίαι διεξήχθησαν εν ατμοσφαίρα φιλίας και αμοιβαίας κατανοήσεως.

ΠΑΡΙΣΙΟΙ, 9. (Ρώυτερ).— Ο καγκελλάριος της Δυτικής Γερμανίας Δρ Κόνραντ Αντενάουερ αφίχθη σήμερον εις Παρίσι όπου συνωμίλησε μετά του προέδρου Ντε Γκωλ επί θεμάτων της Ευρωπαϊκής Αγοράς. Αι συνομιλίαι διεξήχθησαν εν ατμοσφαίρα φιλίας και αμοιβαίας κατανοήσεως.

ΑΝΤΙΠΟΙΝΑ ΚΑΙ ΜΑΚ ΜΙΛΛΑΝ

ΠΑΡΙΣΙΟΙ, 9. (Ρώυτερ).— Ο καγκελλάριος της Δυτικής Γερμανίας Δρ Κόνραντ Αντενάουερ αφίχθη σήμερον εις Παρίσι όπου συνωμίλησε μετά του προέδρου Ντε Γκωλ επί θεμάτων της Ευρωπαϊκής Αγοράς. Αι συνομιλίαι διεξήχθησαν εν ατμοσφαίρα φιλίας και αμοιβαίας κατανοήσεως.

ΔΕΝ ΑΝΑΛΑΜΒΑΝΕΙ

ΠΑΡΙΣΙΟΙ, 9. (Ρώυτερ).— Ο καγκελλάριος της Δυτικής Γερμανίας Δρ Κόνραντ Αντενάουερ αφίχθη σήμερον εις Παρίσι όπου συνωμίλησε μετά του προέδρου Ντε Γκωλ επί θεμάτων της Ευρωπαϊκής Αγοράς. Αι συνομιλίαι διεξήχθησαν εν ατμοσφαίρα φιλίας και αμοιβαίας κατανοήσεως.

ΣΥΝΟΜΙΛΙΑΙ

ΠΑΡΙΣΙΟΙ, 9. (Ρώυτερ).— Ο καγκελλάριος της Δυτικής Γερμανίας Δρ Κόνραντ Αντενάουερ αφίχθη σήμερον εις Παρίσι όπου συνωμίλησε μετά του προέδρου Ντε Γκωλ επί θεμάτων της Ευρωπαϊκής Αγοράς. Αι συνομιλίαι διεξήχθησαν εν ατμοσφαίρα φιλίας και αμοιβαίας κατανοήσεως.

Οί Άγγλοι άπέβαλον τό φλέγμα των
ΕΠΕΙΣΟΔΙΑ ΜΕΤΑΞΥ ΒΟΥΛΕΥΤΩΝ
ΕΞ ΑΦΟΡΜΗΣ ΤΟΥ ΝΕΟΥ ΝΟΜΟΥ
ΠΕΡΙ ΚΟΙΝΩΝΙΚΩΝ ΑΣΦΑΛΙΣΕΩΝ
ΔΙΕΛΥΣΑΝ ΤΗΝ ΣΥΝΕΔΡΙΑΣΙΝ

ΛΟΝΔΙΝΟΝ, 9. (Άσσοσ. Πρές).— Εις την Βουλήν των Κοινοτήτων σημειώθησαν σοβαρά επεισόδια μεταξύ βουλευτών κατά την συζήτησιν του νέου νόμου περί κοινωνικών ασφαλίσεων, με αποτέλεσμα να διαλυθή η συνεδρίασις.

ΛΟΝΔΙΝΟΝ, 9. (Άσσοσ. Πρές).— Εις την Βουλήν των Κοινοτήτων σημειώθησαν σοβαρά επεισόδια μεταξύ βουλευτών κατά την συζήτησιν του νέου νόμου περί κοινωνικών ασφαλίσεων, με αποτέλεσμα να διαλυθή η συνεδρίασις.

ΛΟΝΔΙΝΟΝ, 9. (Άσσοσ. Πρές).— Εις την Βουλήν των Κοινοτήτων σημειώθησαν σοβαρά επεισόδια μεταξύ βουλευτών κατά την συζήτησιν του νέου νόμου περί κοινωνικών ασφαλίσεων, με αποτέλεσμα να διαλυθή η συνεδρίασις.

ΛΟΝΔΙΝΟΝ, 9. (Άσσοσ. Πρές).— Εις την Βουλήν των Κοινοτήτων σημειώθησαν σοβαρά επεισόδια μεταξύ βουλευτών κατά την συζήτησιν του νέου νόμου περί κοινωνικών ασφαλίσεων, με αποτέλεσμα να διαλυθή η συνεδρίασις.

ΤΟΜ ΟΚΙΛΤΡΥ
ΤΕΣΣΑΡΑ ΣΟΒΙΕΤΙΚΑ ΑΛΙΕΥΤΙΚΑ ΣΚΑΦΗ
ΕΠΕΣΗΜΑΝΘΗΣΑΝ ΥΠΟ ΤΩΝ ΠΟΡΤΟΓΑΛΩΝ
ΟΛΙΓΟΝ ΕΞΩΘΙ ΤΩΝ ΑΚΤΩΝ ΤΗΣ ΑΓΚΟΛΑΣ

ΛΙΣΣΑΒΩΝ, 9.— Το πρακτορείον ειδήσεων ανεκοίνωσεν ότι τέσσαρα σοβιετικά αλιευτικά σκάφη επεσημάνθησαν ολίγον έξωθι των ακτών της Αγκόλας υπό μονάδων του πορτογαλικού ναυτικού.

ΛΙΣΣΑΒΩΝ, 9.— Το πρακτορείον ειδήσεων ανεκοίνωσεν ότι τέσσαρα σοβιετικά αλιευτικά σκάφη επεσημάνθησαν ολίγον έξωθι των ακτών της Αγκόλας υπό μονάδων του πορτογαλικού ναυτικού.

ΣΤΡΑΓΓΑΛΙΣΘΗ ΔΗΜΟΣΙΟΓΡΑΦΟΣ

ΛΙΣΣΑΒΩΝ, 9.— Το πρακτορείον ειδήσεων ανεκοίνωσεν ότι τέσσαρα σοβιετικά αλιευτικά σκάφη επεσημάνθησαν ολίγον έξωθι των ακτών της Αγκόλας υπό μονάδων του πορτογαλικού ναυτικού.

ΕΜΑΤΑΙΩΘΗ ΚΑΤΟΠΙΝ ΑΝΑΒΟΛΗΣ ΚΑΙ Η ΔΙΚΗ ΤΗΣ «ΑΘΗΝΑΪΚΗΣ»

ΛΟΝΔΙΝΟΝ, 9. (Άσσοσ. Πρές).— Εις την Βουλήν των Κοινοτήτων σημειώθησαν σοβαρά επεισόδια μεταξύ βουλευτών κατά την συζήτησιν του νέου νόμου περί κοινωνικών ασφαλίσεων, με αποτέλεσμα να διαλυθή η συνεδρίασις.

ΛΟΝΔΙΝΟΝ, 9. (Άσσοσ. Πρές).— Εις την Βουλήν των Κοινοτήτων σημειώθησαν σοβαρά επεισόδια μεταξύ βουλευτών κατά την συζήτησιν του νέου νόμου περί κοινωνικών ασφαλίσεων, με αποτέλεσμα να διαλυθή η συνεδρίασις.

Η ΔΙΑΔΟΧΙΚΗ ΑΣΦΑΛΙΣΙΣ ΤΩΝ ΚΑΒΙΣΤΑΜΕΝΩΝ ΕΜΠΟΡΩΝ ΕΜΠΟΡΟΫΠΑΛΛΗΛΩΝ

ΛΟΝΔΙΝΟΝ, 9. (Άσσοσ. Πρές).— Εις την Βουλήν των Κοινοτήτων σημειώθησαν σοβαρά επεισόδια μεταξύ βουλευτών κατά την συζήτησιν του νέου νόμου περί κοινωνικών ασφαλίσεων, με αποτέλεσμα να διαλυθή η συνεδρίασις.

ΔΕΝ ΕΚΡΙΘΗ ΛΑΘΕΜΩΝ ΤΟ «ΣΤΡΙΠ ΤΗΣ» ΜΙΑΣ ΚΑΛΛΙΤΕΧΝΙΔΟΣ

ΛΙΣΣΑΒΩΝ, 9.— Το πρακτορείον ειδήσεων ανεκοίνωσεν ότι τέσσαρα σοβιετικά αλιευτικά σκάφη επεσημάνθησαν ολίγον έξωθι των ακτών της Αγκόλας υπό μονάδων του πορτογαλικού ναυτικού.

ΤΟΥΡΚΙΚΟΝ ΣΚΑΦΟΣ ΥΠΕΣΤΗ ΡΗΓΜΑ ΒΟΡΕΙΩΣ ΤΗΣ ΛΕΣΒΟΥ

ΛΙΣΣΑΒΩΝ, 9.— Το πρακτορείον ειδήσεων ανεκοίνωσεν ότι τέσσαρα σοβιετικά αλιευτικά σκάφη επεσημάνθησαν ολίγον έξωθι των ακτών της Αγκόλας υπό μονάδων του πορτογαλικού ναυτικού.

Ο ΚΕΝΝΕΝΤΥ ΠΡΟΗΔΡΕΥΣΕ ΣΥΝΕΔΡΙΑΣΕΩΣ
ΤΟΥ ΣΥΜΒΟΥΛΙΟΥ ΕΘΝΙΚΗΣ ΑΣΦΑΛΕΙΑΣ
ΑΥΡΙΟΝ ΘΑ ΛΗΦΘΟΥΝ ΑΙ ΑΠΟΦΑΣΕΙΣ
ΔΙΑ ΤΑΣ ΣΧΕΣΕΙΣ ΜΕΤΑ ΤΗΣ Σ. ΕΝΩΣΕΩΣ

ΟΥΑΣΙΓΚΤΩΝ, 9. (Ρώυτερ).— Ο πρόεδρος Κέννεντυ προήδρευσε συνεδριάσεως του Συμβουλίου Εθνικής Ασφαλείας. Αύριον αναμένεται να ληφθούν αι αποφάσεις διά τας σχέσεις μετά της Σοβιετικής Ενώσεως.

ΟΥΑΣΙΓΚΤΩΝ, 9. (Ρώυτερ).— Ο πρόεδρος Κέννεντυ προήδρευσε συνεδριάσεως του Συμβουλίου Εθνικής Ασφαλείας. Αύριον αναμένεται να ληφθούν αι αποφάσεις διά τας σχέσεις μετά της Σοβιετικής Ενώσεως.

ΟΥΑΣΙΓΚΤΩΝ, 9. (Ρώυτερ).— Ο πρόεδρος Κέννεντυ προήδρευσε συνεδριάσεως του Συμβουλίου Εθνικής Ασφαλείας. Αύριον αναμένεται να ληφθούν αι αποφάσεις διά τας σχέσεις μετά της Σοβιετικής Ενώσεως.

ΟΥΑΣΙΓΚΤΩΝ, 9. (Ρώυτερ).— Ο πρόεδρος Κέννεντυ προήδρευσε συνεδριάσεως του Συμβουλίου Εθνικής Ασφαλείας. Αύριον αναμένεται να ληφθούν αι αποφάσεις διά τας σχέσεις μετά της Σοβιετικής Ενώσεως.

ΟΙ ΑΠΟΡΟΙ Α' ΚΑΤΗΓΟΡΙΑΣ ΚΑΛΥΠΤΟΝΤΑΙ ΕΚΔΩΝ ΤΟΥ ΣΥΜΒΟΥΛΙΟΥ ΕΚΚΛΗΣΙΩΝ

ΟΥΑΣΙΓΚΤΩΝ, 9. (Ρώυτερ).— Ο πρόεδρος Κέννεντυ προήδρευσε συνεδριάσεως του Συμβουλίου Εθνικής Ασφαλείας. Αύριον αναμένεται να ληφθούν αι αποφάσεις διά τας σχέσεις μετά της Σοβιετικής Ενώσεως.

ΠΟΙΑ Η ΔΥΝΑΜΙΣ ΤΟΥ Κ.Κ. ΑΓΓΛΙΑΣ

ΟΥΑΣΙΓΚΤΩΝ, 9. (Ρώυτερ).— Ο πρόεδρος Κέννεντυ προήδρευσε συνεδριάσεως του Συμβουλίου Εθνικής Ασφαλείας. Αύριον αναμένεται να ληφθούν αι αποφάσεις διά τας σχέσεις μετά της Σοβιετικής Ενώσεως.

Ό Μασμούντι εἶχε νέας έπαφάς
προετοιμάζων τήν συνάντησιν
τῶν Μπουργκιμπᾶ καί Ντέ Γκώλ
Ό Άμπάς άνέβαλε τήν έπάνοδον
είς τήν Τύνιδα διά τό Σάββατον

ΠΑΡΙΣΙΟΙ, 9. (Ρώυτερ).— Ο υπουργός των Εξωτερικών της Τυνησίας κ. Μασμούντι είχε νέας επαφάς προετοιμάζων την συνάντησιν των κ.κ. Μπουργκιμπά και Ντε Γκωλ. Ο κ. Αμπάς ανέβαλε την επάνοδόν του εις Τύνιδα διά το Σάββατον.

Η ΕΠΙΣΤΡΟΦΗ ΤΟΥ ΑΜΠΑΣ

ΠΑΡΙΣΙΟΙ, 9. (Ρώυτερ).— Ο υπουργός των Εξωτερικών της Τυνησίας κ. Μασμούντι είχε νέας επαφάς προετοιμάζων την συνάντησιν των κ.κ. Μπουργκιμπά και Ντε Γκωλ. Ο κ. Αμπάς ανέβαλε την επάνοδόν του εις Τύνιδα διά το Σάββατον.

ΠΟΥ ΘΑ ΓΙΝΗ Η ΣΥΝΑΝΤΗΣΙΣ

ΠΑΡΙΣΙΟΙ, 9. (Ρώυτερ).— Ο υπουργός των Εξωτερικών της Τυνησίας κ. Μασμούντι είχε νέας επαφάς προετοιμάζων την συνάντησιν των κ.κ. Μπουργκιμπά και Ντε Γκωλ. Ο κ. Αμπάς ανέβαλε την επάνοδόν του εις Τύνιδα διά το Σάββατον.

ΠΑΡΙΣΙΟΙ, 9. (Ρώυτερ).— Ο υπουργός των Εξωτερικών της Τυνησίας κ. Μασμούντι είχε νέας επαφάς προετοιμάζων την συνάντησιν των κ.κ. Μπουργκιμπά και Ντε Γκωλ. Ο κ. Αμπάς ανέβαλε την επάνοδόν του εις Τύνιδα διά το Σάββατον.

ΕΥΘΥΣΙΣ, ΣΥΝΕΠΕΙΑ ΣΦΟΔΡΟΥ ΚΥΚΛΩΝΟΣ 60 ΜΙΛΙΑ ΑΝΑΤΟΛΙΚΩΣ ΤΗΣ ΒΕΓΓΑΖΗΣ ΤΟ ΕΛΛΗΝΙΚΟΝ ΑΛΙΕΥΤΙΚΟΝ «ΘΕΤΙΣ»
ΕΚ ΤΟΥ ΠΛΗΡΩΜΑΤΟΣ ΕΙΣ ΜΟΝΟΝ ΕΣΩΘΗ

ΑΘΗΝΑΙ, 9.— Ανεκοινώθη ότι το ελληνικόν αλιευτικόν «Θέτις» εβυθίσθη συνεπεία σφοδρού κυκλώνος 60 μίλια ανατολικώς της Βεγγάζης. Εκ του πληρώματος εις μόνον εσώθη.

ΑΘΗΝΑΙ, 9.— Ανεκοινώθη ότι το ελληνικόν αλιευτικόν «Θέτις» εβυθίσθη συνεπεία σφοδρού κυκλώνος 60 μίλια ανατολικώς της Βεγγάζης. Εκ του πληρώματος εις μόνον εσώθη.

ΑΘΗΝΑΙ, 9.— Ανεκοινώθη ότι το ελληνικόν αλιευτικόν «Θέτις» εβυθίσθη συνεπεία σφοδρού κυκλώνος 60 μίλια ανατολικώς της Βεγγάζης. Εκ του πληρώματος εις μόνον εσώθη.

ΑΘΗΝΑΙ, 9.— Ανεκοινώθη ότι το ελληνικόν αλιευτικόν «Θέτις» εβυθίσθη συνεπεία σφοδρού κυκλώνος 60 μίλια ανατολικώς της Βεγγάζης. Εκ του πληρώματος εις μόνον εσώθη.

ΑΘΗΝΑΙ, 9.— Ανεκοινώθη ότι το ελληνικόν αλιευτικόν «Θέτις» εβυθίσθη συνεπεία σφοδρού κυκλώνος 60 μίλια ανατολικώς της Βεγγάζης. Εκ του πληρώματος εις μόνον εσώθη.

ΑΘΗΝΑΙ, 9.— Ανεκοινώθη ότι το ελληνικόν αλιευτικόν «Θέτις» εβυθίσθη συνεπεία σφοδρού κυκλώνος 60 μίλια ανατολικώς της Βεγγάζης. Εκ του πληρώματος εις μόνον εσώθη.

ΕΞΗΤΗΘΗ Η ΑΠΑΓΟΡΕΥΣΙΣ ΤΗΣ ΚΟΡΤΙΖΟΝΗΣ ΩΣ ΠΡΟΚΑΛΟΥΣΗΣ ΨΥΧΟΠΑΘΕΙΑΣ ΚΑΡΔΙΟΠΑΘΕΙΑΣ ΚΑΙ ΤΕΛΙΚΩΣ ΤΟΝ ΘΑΝΑΤΟΝ

ΑΘΗΝΑΙ, 9.— Ανεκοινώθη ότι το ελληνικόν αλιευτικόν «Θέτις» εβυθίσθη συνεπεία σφοδρού κυκλώνος 60 μίλια ανατολικώς της Βεγγάζης. Εκ του πληρώματος εις μόνον εσώθη.

ΑΘΗΝΑΙ, 9.— Ανεκοινώθη ότι το ελληνικόν αλιευτικόν «Θέτις» εβυθίσθη συνεπεία σφοδρού κυκλώνος 60 μίλια ανατολικώς της Βεγγάζης. Εκ του πληρώματος εις μόνον εσώθη.

ΠΡΟΚΑΛΕΙ ΨΥΧΟΠΑΘΕΙΑΝ

ΑΘΗΝΑΙ, 9.— Ανεκοινώθη ότι το ελληνικόν αλιευτικόν «Θέτις» εβυθίσθη συνεπεία σφοδρού κυκλώνος 60 μίλια ανατολικώς της Βεγγάζης. Εκ του πληρώματος εις μόνον εσώθη.

ΑΘΗΝΑΙ, 9.— Ανεκοινώθη ότι το ελληνικόν αλιευτικόν «Θέτις» εβυθίσθη συνεπεία σφοδρού κυκλώνος 60 μίλια ανατολικώς της Βεγγάζης. Εκ του πληρώματος εις μόνον εσώθη.

ΒΛΑΠΤΕΙ ΚΑΙ ΤΗΝ ΚΑΡΔΙΑΝ

ΑΘΗΝΑΙ, 9.— Ανεκοινώθη ότι το ελληνικόν αλιευτικόν «Θέτις» εβυθίσθη συνεπεία σφοδρού κυκλώνος 60 μίλια ανατολικώς της Βεγγάζης. Εκ του πληρώματος εις μόνον εσώθη.

ΑΘΗΝΑΙ, 9.— Ανεκοινώθη ότι το ελληνικόν αλιευτικόν «Θέτις» εβυθίσθη συνεπεία σφοδρού κυκλώνος 60 μίλια ανατολικώς της Βεγγάζης. Εκ του πληρώματος εις μόνον εσώθη.

Ο Κ. ΚΕΝΝΕΝΤΥ ΘΑ ΕΦΑΡΜΟΣΗ ΠΡΟΓΡΑΜΜΑ ΠΑΡΟΧΗΣ ΙΑΤΡΙΚΗΣ ΠΕΡΙΘΑΛΨΕΩΣ ΕΙΣ ΟΛΟΥΣ ΤΟΥΣ ΥΠΕΡΗΛΙΚΑΣ ΑΜΕΡΙΚΑΝΟΥΣ

ΟΥΑΣΙΓΚΤΩΝ, 9. (Ρώυτερ).— Ο πρόεδρος Κέννεντυ προήδρευσε συνεδριάσεως του Συμβουλίου Εθνικής Ασφαλείας. Αύριον αναμένεται να ληφθούν αι αποφάσεις διά τας σχέσεις μετά της Σοβιετικής Ενώσεως.

ΟΥΑΣΙΓΚΤΩΝ, 9. (Ρώυτερ).— Ο πρόεδρος Κέννεντυ προήδρευσε συνεδριάσεως του Συμβουλίου Εθνικής Ασφαλείας. Αύριον αναμένεται να ληφθούν αι αποφάσεις διά τας σχέσεις μετά της Σοβιετικής Ενώσεως.

ΟΥΑΣΙΓΚΤΩΝ, 9. (Ρώυτερ).— Ο πρόεδρος Κέννεντυ προήδρευσε συνεδριάσεως του Συμβουλίου Εθνικής Ασφαλείας. Αύριον αναμένεται να ληφθούν αι αποφάσεις διά τας σχέσεις μετά της Σοβιετικής Ενώσεως.

ΟΥΑΣΙΓΚΤΩΝ, 9. (Ρώυτερ).— Ο πρόεδρος Κέννεντυ προήδρευσε συνεδριάσεως του Συμβουλίου Εθνικής Ασφαλείας. Αύριον αναμένεται να ληφθούν αι αποφάσεις διά τας σχέσεις μετά της Σοβιετικής Ενώσεως.

ΤΗΝ ΔΕΥΤΕΡΑΝ ΤΟ ΣΥΜΒΟΥΛΙΟΝ ΑΣΦΑΛΕΙΑΣ ΘΑ ΣΥΖΗΤΗΣΗ ΠΑΛΙΝ ΤΟ ΘΕΜΑ ΤΟΥ ΚΟΓΚΟ

ΟΥΑΣΙΓΚΤΩΝ, 9. (Ρώυτερ).— Ο πρόεδρος Κέννεντυ προήδρευσε συνεδριάσεως του Συμβουλίου Εθνικής Ασφαλείας. Αύριον αναμένεται να ληφθούν αι αποφάσεις διά τας σχέσεις μετά της Σοβιετικής Ενώσεως.

ΟΥΑΣΙΓΚΤΩΝ, 9. (Ρώυτερ).— Ο πρόεδρος Κέννεντυ προήδρευσε συνεδριάσεως του Συμβουλίου Εθνικής Ασφαλείας. Αύριον αναμένεται να ληφθούν αι αποφάσεις διά τας σχέσεις μετά της Σοβιετικής Ενώσεως.

ΚΟΙΝΗ ΠΡΟΤΑΣΙΣ

ΟΥΑΣΙΓΚΤΩΝ, 9. (Ρώυτερ).— Ο πρόεδρος Κέννεντυ προήδρευσε συνεδριάσεως του Συμβουλίου Εθνικής Ασφαλείας. Αύριον αναμένεται να ληφθούν αι αποφάσεις διά τας σχέσεις μετά της Σοβιετικής Ενώσεως.

ΤΟ ΣΥΜΒΟΥΛΙΟΝ

ΟΥΑΣΙΓΚΤΩΝ, 9. (Ρώυτερ).— Ο πρόεδρος Κέννεντυ προήδρευσε συνεδριάσεως του Συμβουλίου Εθνικής Ασφαλείας. Αύριον αναμένεται να ληφθούν αι αποφάσεις διά τας σχέσεις μετά της Σοβιετικής Ενώσεως.

ΟΥΑΣΙΓΚΤΩΝ, 9. (Ρώυτερ).— Ο πρόεδρος Κέννεντυ προήδρευσε συνεδριάσεως του Συμβουλίου Εθνικής Ασφαλείας. Αύριον αναμένεται να ληφθούν αι αποφάσεις διά τας σχέσεις μετά της Σοβιετικής Ενώσεως.

ΝΕΑ ΚΑΚΟΚΑΙΡΙΑ ΠΛΗΤΤΕΙ ΤΗΝ ΡΟΔΟΠΗΝ

ΑΘΗΝΑΙ, 9.— Ανεκοινώθη ότι το ελληνικόν αλιευτικόν «Θέτις» εβυθίσθη συνεπεία σφοδρού κυκλώνος 60 μίλια ανατολικώς της Βεγγάζης. Εκ του πληρώματος εις μόνον εσώθη.

11 ΝΕΚΡΟΙ ΕΙΣ ΑΥΣΤΡΙΑΝ

ΑΘΗΝΑΙ, 9.— Ανεκοινώθη ότι το ελληνικόν αλιευτικόν «Θέτις» εβυθίσθη συνεπεία σφοδρού κυκλώνος 60 μίλια ανατολικώς της Βεγγάζης. Εκ του πληρώματος εις μόνον εσώθη.

ΕΙΣ ΚΟΜΟΤΗΝΗΝ

ΑΘΗΝΑΙ, 9.— Ανεκοινώθη ότι το ελληνικόν αλιευτικόν «Θέτις» εβυθίσθη συνεπεία σφοδρού κυκλώνος 60 μίλια ανατολικώς της Βεγγάζης. Εκ του πληρώματος εις μόνον εσώθη.

ΑΘΗΝΑΙ, 9.— Ανεκοινώθη ότι το ελληνικόν αλιευτικόν «Θέτις» εβυθίσθη συνεπεία σφοδρού κυκλώνος 60 μίλια ανατολικώς της Βεγγάζης. Εκ του πληρώματος εις μόνον εσώθη.

ΑΠΟ 1 - 29 ΑΠΡΙΛΙΟΥ Η ΥΠΟΒΟΛΗ ΔΙΚΑΙΟΛΟΓΗΤΙΚΩΝ ΔΙΑ ΤΟΝ ΔΙΑΓΩΝΙΣΜΟΝ ΤΗΣ ΣΧΟΛΗΣ ΕΥΕΛΠΙΔΩΝ

ΑΘΗΝΑΙ, 9.— Το υπουργείον Στρατιωτικών ανακοινοί ότι από 1ης έως 29ης Απριλίου θα γίνεται η υποβολή των δικαιολογητικών διά τον διαγωνισμόν εισαγωγής εις την Σχολήν Ευελπίδων.

ΑΘΗΝΑΙ, 9.— Το υπουργείον Στρατιωτικών ανακοινοί ότι από 1ης έως 29ης Απριλίου θα γίνεται η υποβολή των δικαιολογητικών διά τον διαγωνισμόν εισαγωγής εις την Σχολήν Ευελπίδων.
